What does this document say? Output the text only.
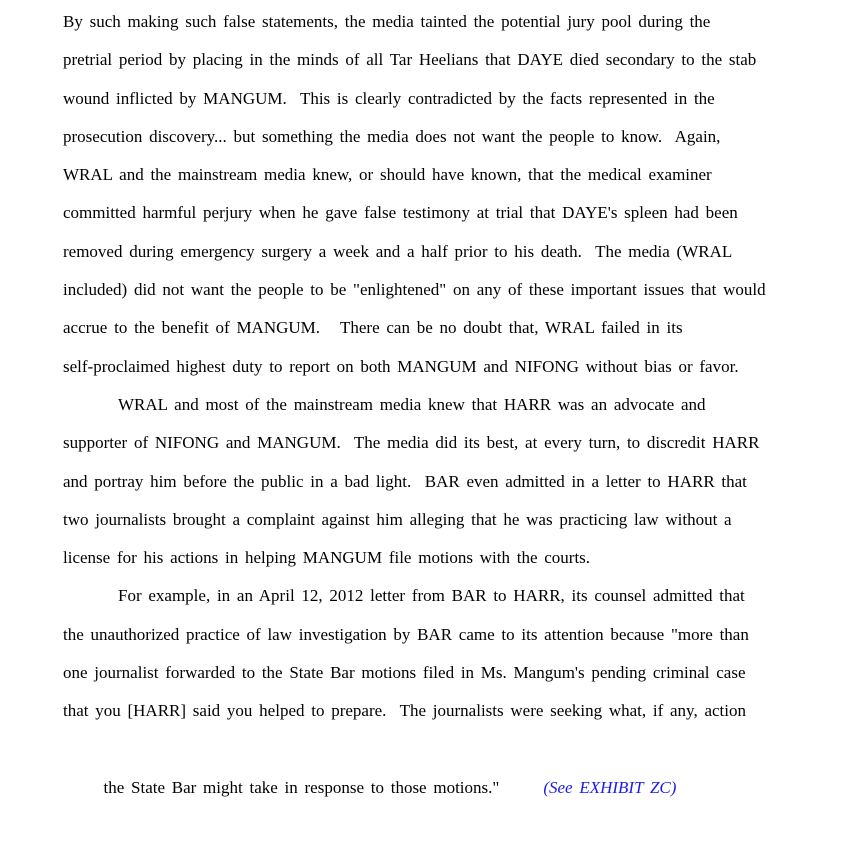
By such making such false statements, the media tainted the potential jury pool during the
pretrial period by placing in the minds of all Tar Heelians that DAYE died secondary to the stab
wound inflicted by MANGUM.  This is clearly contradicted by the facts represented in the
prosecution discovery... but something the media does not want the people to know.  Again,
WRAL and the mainstream media knew, or should have known, that the medical examiner
committed harmful perjury when he gave false testimony at trial that DAYE's spleen had been
removed during emergency surgery a week and a half prior to his death.  The media (WRAL
included) did not want the people to be "enlightened" on any of these important issues that would
accrue to the benefit of MANGUM.   There can be no doubt that, WRAL failed in its
self-proclaimed highest duty to report on both MANGUM and NIFONG without bias or favor.
WRAL and most of the mainstream media knew that HARR was an advocate and
supporter of NIFONG and MANGUM.  The media did its best, at every turn, to discredit HARR
and portray him before the public in a bad light.  BAR even admitted in a letter to HARR that
two journalists brought a complaint against him alleging that he was practicing law without a
license for his actions in helping MANGUM file motions with the courts.
For example, in an April 12, 2012 letter from BAR to HARR, its counsel admitted that
the unauthorized practice of law investigation by BAR came to its attention because "more than
one journalist forwarded to the State Bar motions filed in Ms. Mangum's pending criminal case
that you [HARR] said you helped to prepare.  The journalists were seeking what, if any, action

the State Bar might take in response to those motions."	(See EXHIBIT ZC)
